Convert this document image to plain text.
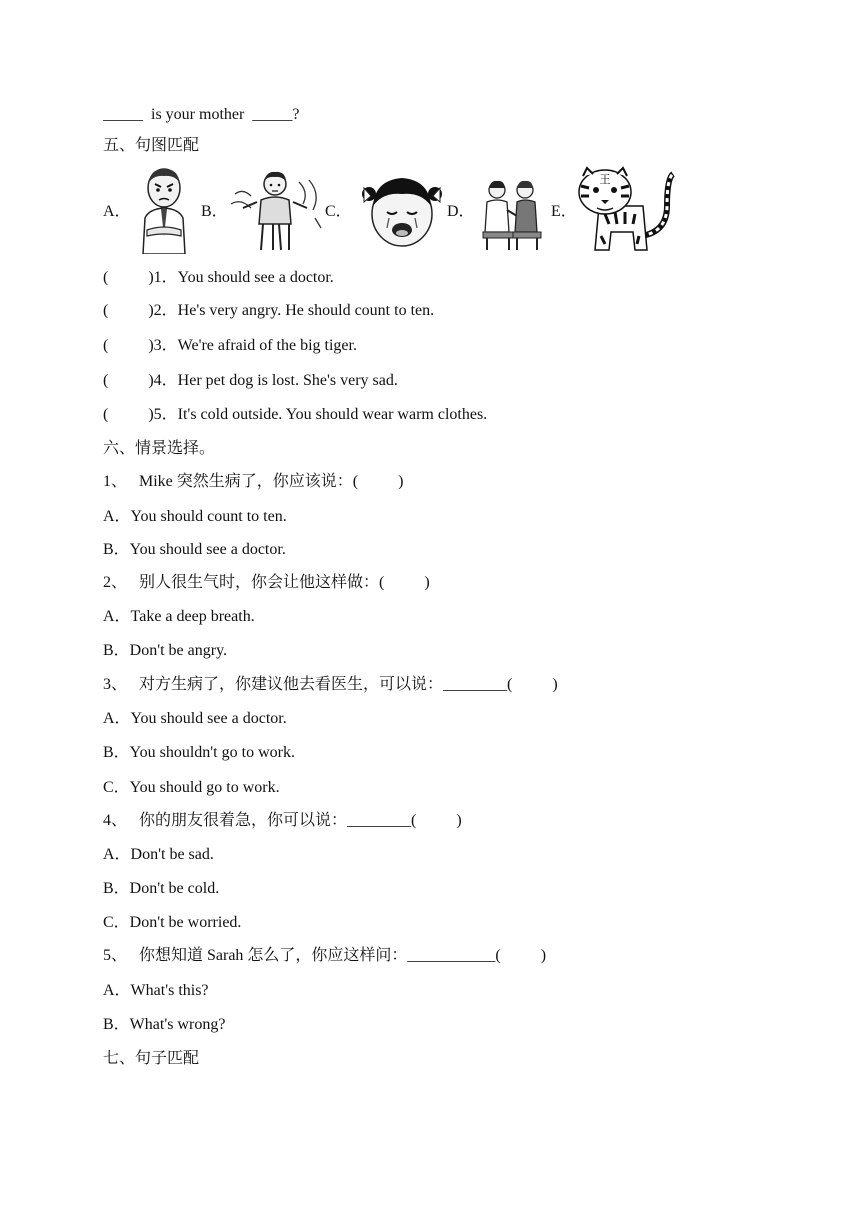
_____  is your mother  _____?
五、句图匹配
A．	B．	C．	D．	E．
王
(          )1．You should see a doctor.
(          )2．He's very angry. He should count to ten.
(          )3．We're afraid of the big tiger.
(          )4．Her pet dog is lost. She's very sad.
(          )5．It's cold outside. You should wear warm clothes.
六、情景选择。
1、   Mike 突然生病了，你应该说：(          )
A．You should count to ten.
B．You should see a doctor.
2、   别人很生气时，你会让他这样做：(          )
A．Take a deep breath.
B．Don't be angry.
3、   对方生病了，你建议他去看医生，可以说：________(          )
A．You should see a doctor.
B．You shouldn't go to work.
C．You should go to work.
4、   你的朋友很着急，你可以说：________(          )
A．Don't be sad.
B．Don't be cold.
C．Don't be worried.
5、   你想知道 Sarah 怎么了，你应这样问：___________(          )
A．What's this?
B．What's wrong?
七、句子匹配
